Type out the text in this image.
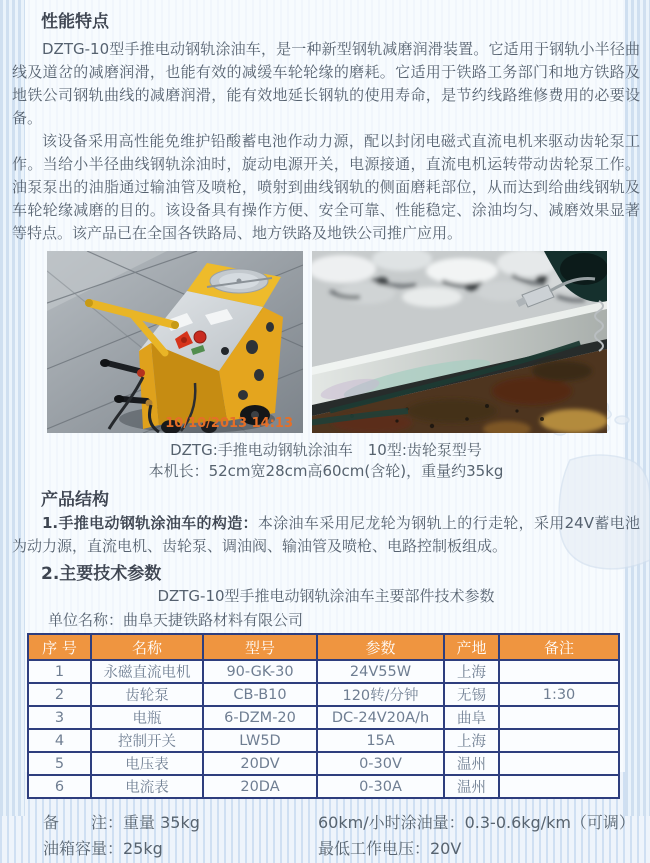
性能特点

DZTG-10型手推电动钢轨涂油车，是一种新型钢轨减磨润滑装置。它适用于钢轨小半径曲线及道岔的减磨润滑，也能有效的减缓车轮轮缘的磨耗。它适用于铁路工务部门和地方铁路及地铁公司钢轨曲线的减磨润滑，能有效地延长钢轨的使用寿命，是节约线路维修费用的必要设备。

该设备采用高性能免维护铅酸蓄电池作动力源，配以封闭电磁式直流电机来驱动齿轮泵工作。当给小半径曲线钢轨涂油时，旋动电源开关，电源接通，直流电机运转带动齿轮泵工作。油泵泵出的油脂通过输油管及喷枪，喷射到曲线钢轨的侧面磨耗部位，从而达到给曲线钢轨及车轮轮缘减磨的目的。该设备具有操作方便、安全可靠、性能稳定、涂油均匀、减磨效果显著等特点。该产品已在全国各铁路局、地方铁路及地铁公司推广应用。

10/10/2013 14:13
DZTG:手推电动钢轨涂油车　10型:齿轮泵型号
本机长：52cm宽28cm高60cm(含轮)，重量约35kg
产品结构

1.手推电动钢轨涂油车的构造：本涂油车采用尼龙轮为钢轨上的行走轮，采用24V蓄电池为动力源，直流电机、齿轮泵、调油阀、输油管及喷枪、电路控制板组成。

2.主要技术参数
DZTG-10型手推电动钢轨涂油车主要部件技术参数
单位名称：曲阜天捷铁路材料有限公司
序 号	名称	型号	参数	产地	备注
1	永磁直流电机	90-GK-30	24V55W	上海	
2	齿轮泵	CB-B10	120转/分钟	无锡	1:30
3	电瓶	6-DZM-20	DC-24V20A/h	曲阜	
4	控制开关	LW5D	15A	上海	
5	电压表	20DV	0-30V	温州	
6	电流表	20DA	0-30A	温州	
备　　注：重量 35kg
油箱容量：25kg
60km/小时涂油量：0.3-0.6kg/km（可调）
最低工作电压：20V
